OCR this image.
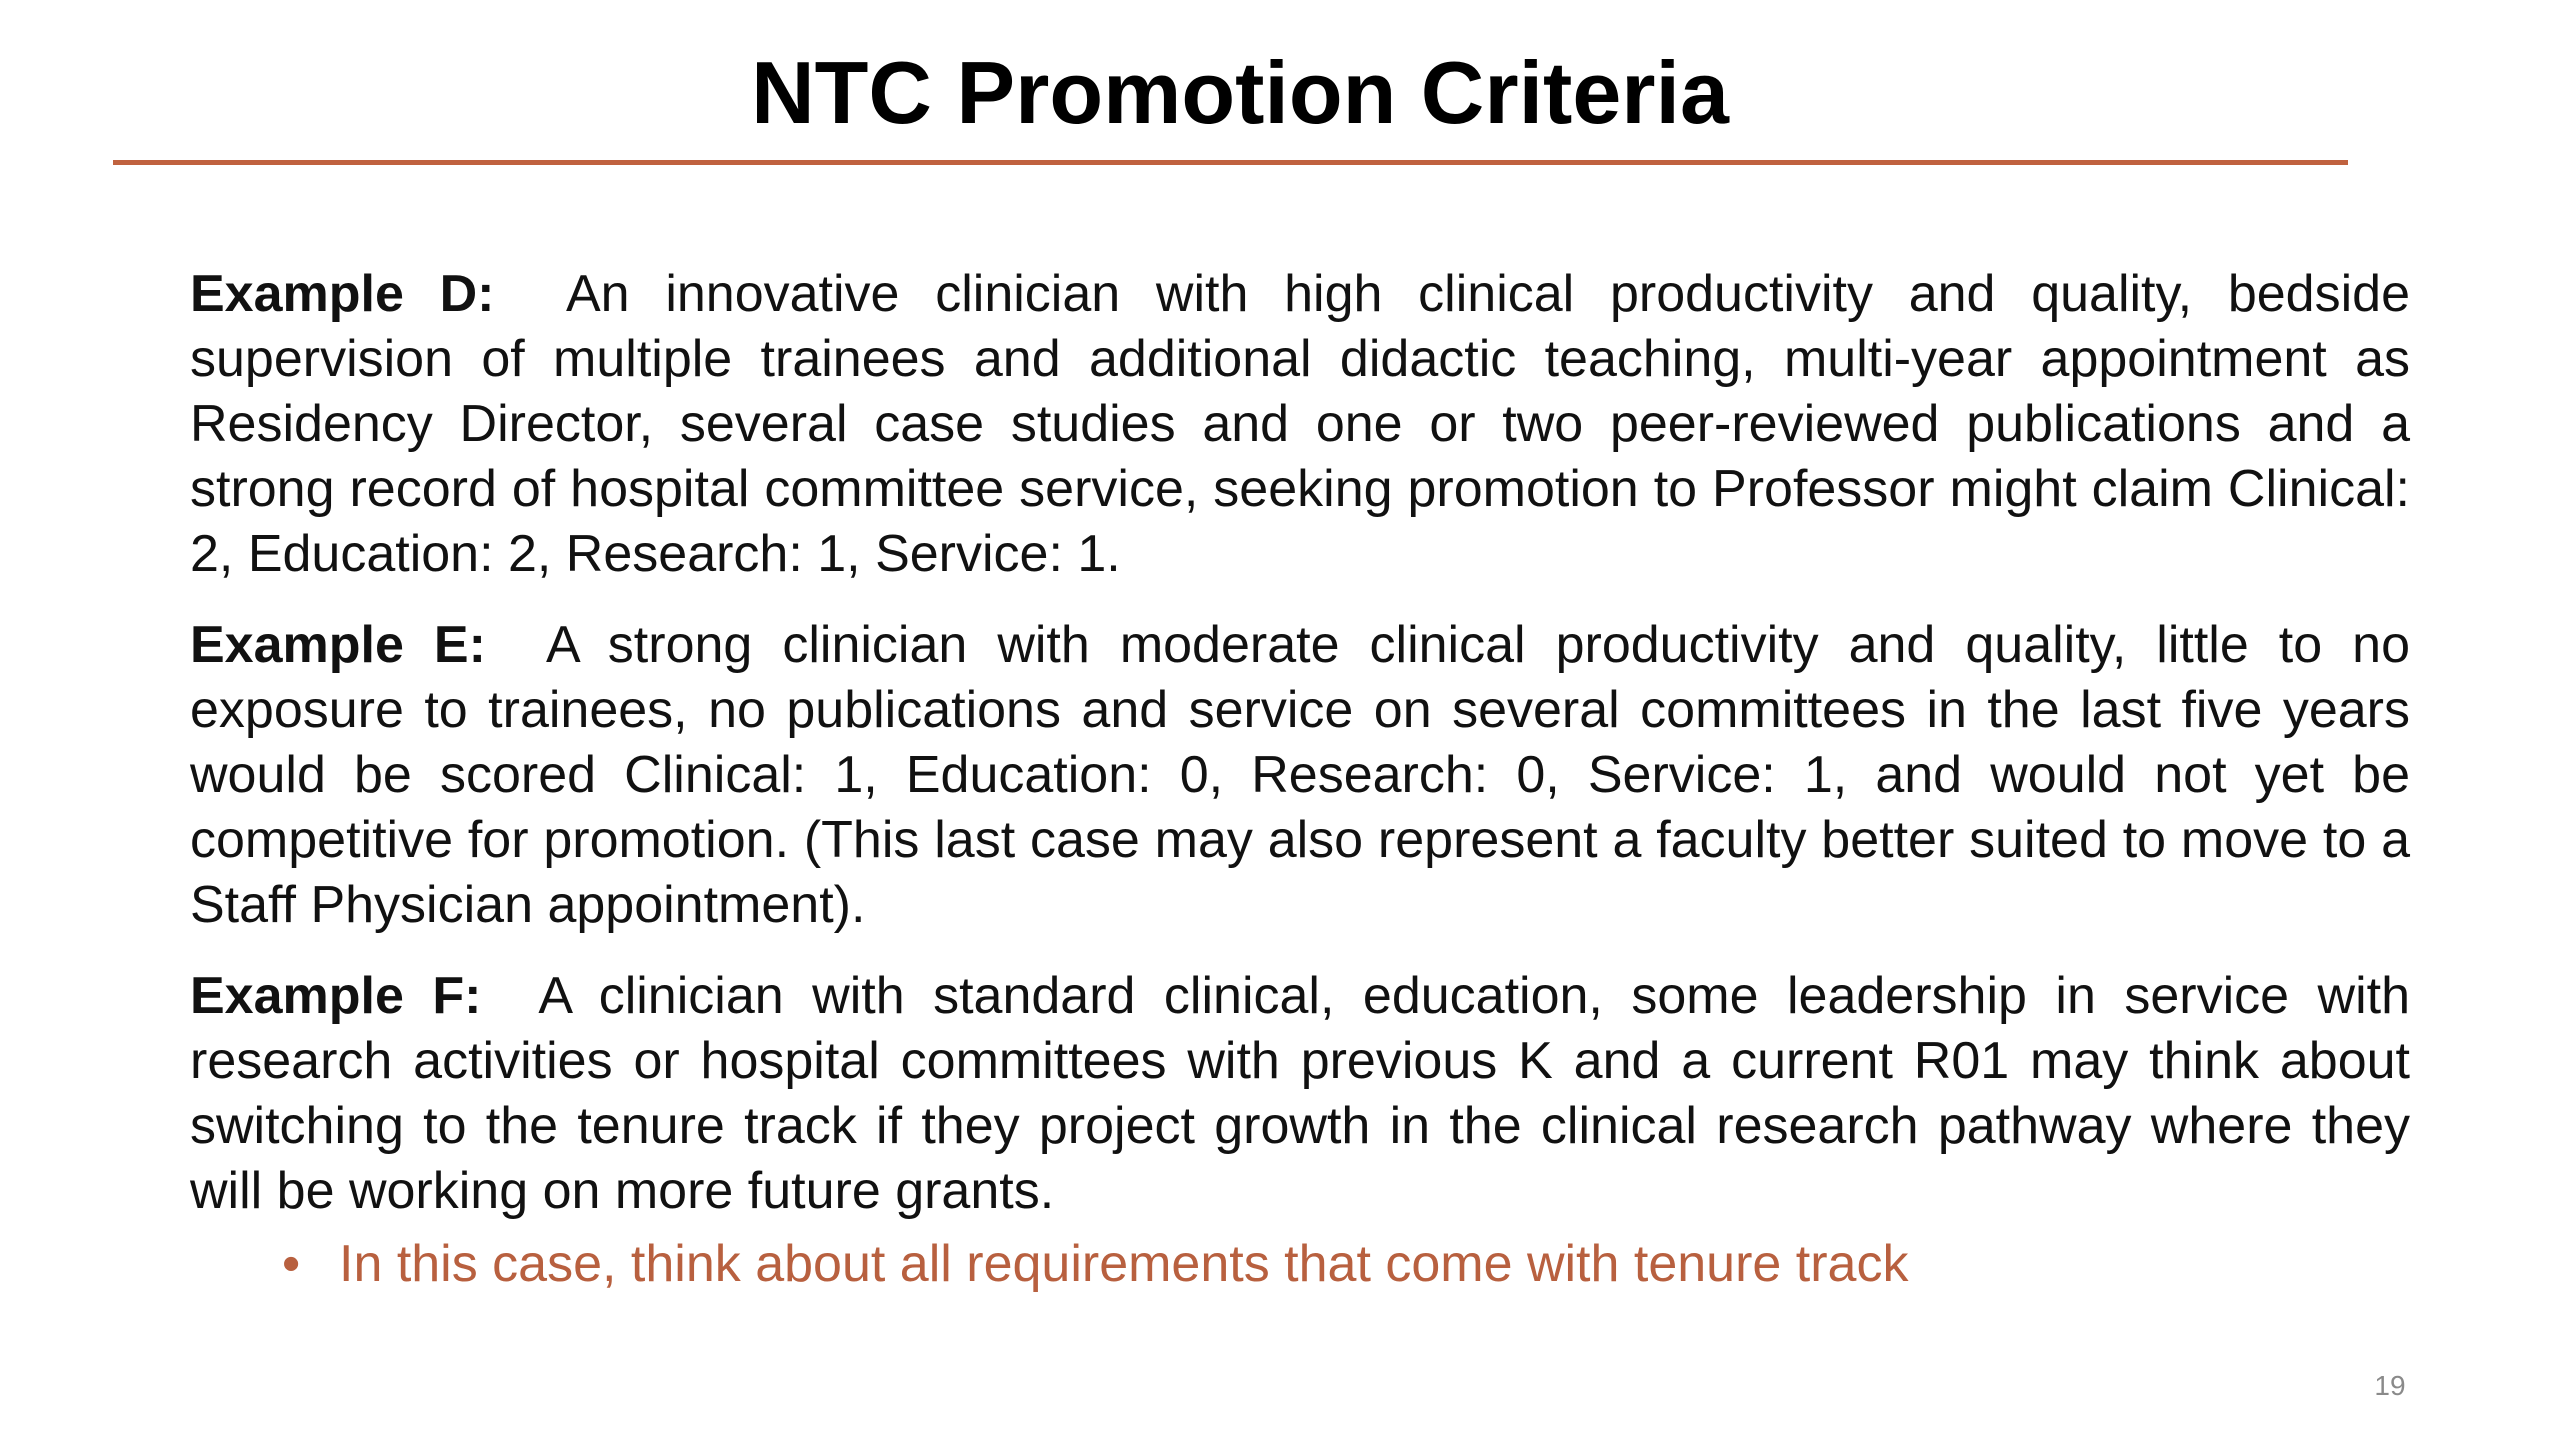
NTC Promotion Criteria

Example D: An innovative clinician with high clinical productivity and quality, bedside supervision of multiple trainees and additional didactic teaching, multi-year appointment as Residency Director, several case studies and one or two peer-reviewed publications and a strong record of hospital committee service, seeking promotion to Professor might claim Clinical: 2, Education: 2, Research: 1, Service: 1.

Example E: A strong clinician with moderate clinical productivity and quality, little to no exposure to trainees, no publications and service on several committees in the last five years would be scored Clinical: 1, Education: 0, Research: 0, Service: 1, and would not yet be competitive for promotion. (This last case may also represent a faculty better suited to move to a Staff Physician appointment).

Example F: A clinician with standard clinical, education, some leadership in service with research activities or hospital committees with previous K and a current R01 may think about switching to the tenure track if they project growth in the clinical research pathway where they will be working on more future grants.

• In this case, think about all requirements that come with tenure track
19
